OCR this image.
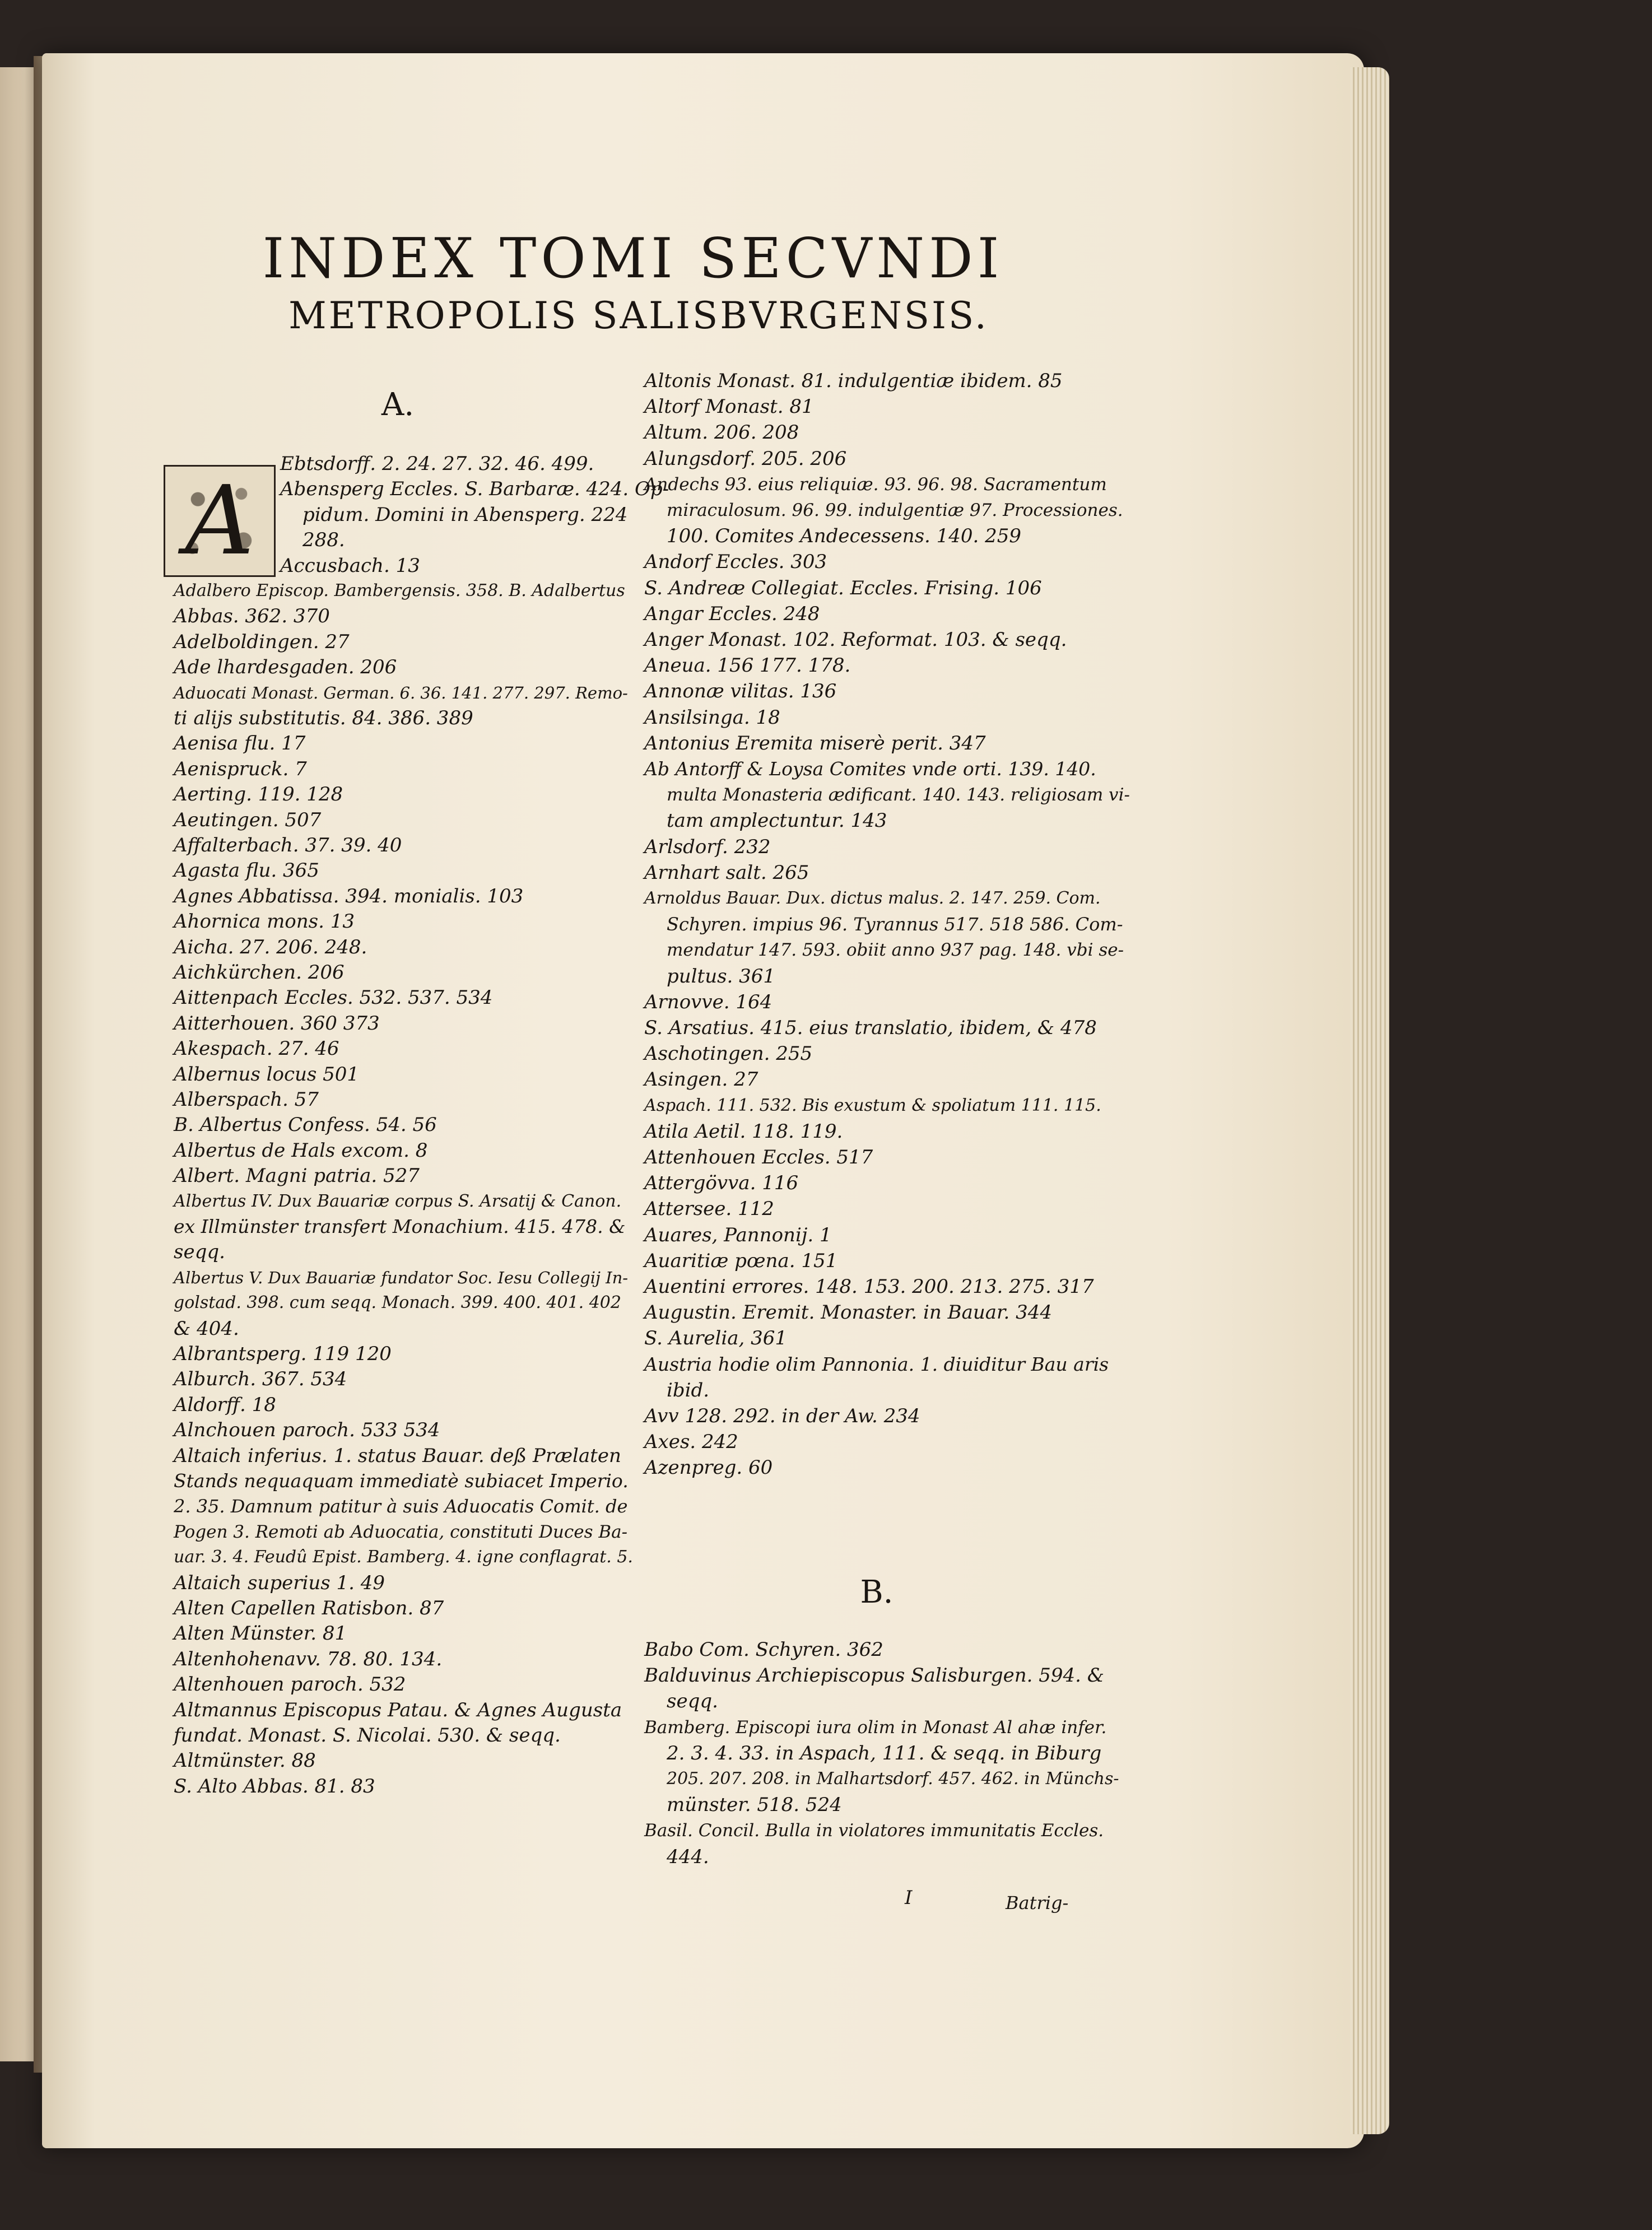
INDEX TOMI SECVNDI
METROPOLIS SALISBVRGENSIS.
A.
B.
A
Ebtsdorff. 2. 24. 27. 32. 46. 499.
Abensperg Eccles. S. Barbaræ. 424. Op-
pidum. Domini in Abensperg. 224
288.
Accusbach. 13
Adalbero Episcop. Bambergensis. 358. B. Adalbertus
Abbas. 362. 370
Adelboldingen. 27
Ade lhardesgaden. 206
Aduocati Monast. German. 6. 36. 141. 277. 297. Remo-
ti alijs substitutis. 84. 386. 389
Aenisa flu. 17
Aenispruck. 7
Aerting. 119. 128
Aeutingen. 507
Affalterbach. 37. 39. 40
Agasta flu. 365
Agnes Abbatissa. 394. monialis. 103
Ahornica mons. 13
Aicha. 27. 206. 248.
Aichkürchen. 206
Aittenpach Eccles. 532. 537. 534
Aitterhouen. 360 373
Akespach. 27. 46
Albernus locus 501
Alberspach. 57
B. Albertus Confess. 54. 56
Albertus de Hals excom. 8
Albert. Magni patria. 527
Albertus IV. Dux Bauariæ corpus S. Arsatij & Canon.
ex Illmünster transfert Monachium. 415. 478. &
seqq.
Albertus V. Dux Bauariæ fundator Soc. Iesu Collegij In-
golstad. 398. cum seqq. Monach. 399. 400. 401. 402
& 404.
Albrantsperg. 119 120
Alburch. 367. 534
Aldorff. 18
Alnchouen paroch. 533 534
Altaich inferius. 1. status Bauar. deß Prælaten
Stands nequaquam immediatè subiacet Imperio.
2. 35. Damnum patitur à suis Aduocatis Comit. de
Pogen 3. Remoti ab Aduocatia, constituti Duces Ba-
uar. 3. 4. Feudû Epist. Bamberg. 4. igne conflagrat. 5.
Altaich superius 1. 49
Alten Capellen Ratisbon. 87
Alten Münster. 81
Altenhohenavv. 78. 80. 134.
Altenhouen paroch. 532
Altmannus Episcopus Patau. & Agnes Augusta
fundat. Monast. S. Nicolai. 530. & seqq.
Altmünster. 88
S. Alto Abbas. 81. 83
Altonis Monast. 81. indulgentiæ ibidem. 85
Altorf Monast. 81
Altum. 206. 208
Alungsdorf. 205. 206
Andechs 93. eius reliquiæ. 93. 96. 98. Sacramentum
miraculosum. 96. 99. indulgentiæ 97. Processiones.
100. Comites Andecessens. 140. 259
Andorf Eccles. 303
S. Andreæ Collegiat. Eccles. Frising. 106
Angar Eccles. 248
Anger Monast. 102. Reformat. 103. & seqq.
Aneua. 156 177. 178.
Annonæ vilitas. 136
Ansilsinga. 18
Antonius Eremita miserè perit. 347
Ab Antorff & Loysa Comites vnde orti. 139. 140.
multa Monasteria ædificant. 140. 143. religiosam vi-
tam amplectuntur. 143
Arlsdorf. 232
Arnhart salt. 265
Arnoldus Bauar. Dux. dictus malus. 2. 147. 259. Com.
Schyren. impius 96. Tyrannus 517. 518 586. Com-
mendatur 147. 593. obiit anno 937 pag. 148. vbi se-
pultus. 361
Arnovve. 164
S. Arsatius. 415. eius translatio, ibidem, & 478
Aschotingen. 255
Asingen. 27
Aspach. 111. 532. Bis exustum & spoliatum 111. 115.
Atila Aetil. 118. 119.
Attenhouen Eccles. 517
Attergövva. 116
Attersee. 112
Auares, Pannonij. 1
Auaritiæ pœna. 151
Auentini errores. 148. 153. 200. 213. 275. 317
Augustin. Eremit. Monaster. in Bauar. 344
S. Aurelia, 361
Austria hodie olim Pannonia. 1. diuiditur Bau aris
ibid.
Avv 128. 292. in der Aw. 234
Axes. 242
Azenpreg. 60
Babo Com. Schyren. 362
Balduvinus Archiepiscopus Salisburgen. 594. &
seqq.
Bamberg. Episcopi iura olim in Monast Al ahæ infer.
2. 3. 4. 33. in Aspach, 111. & seqq. in Biburg
205. 207. 208. in Malhartsdorf. 457. 462. in Münchs-
münster. 518. 524
Basil. Concil. Bulla in violatores immunitatis Eccles.
444.
I	Batrig-
